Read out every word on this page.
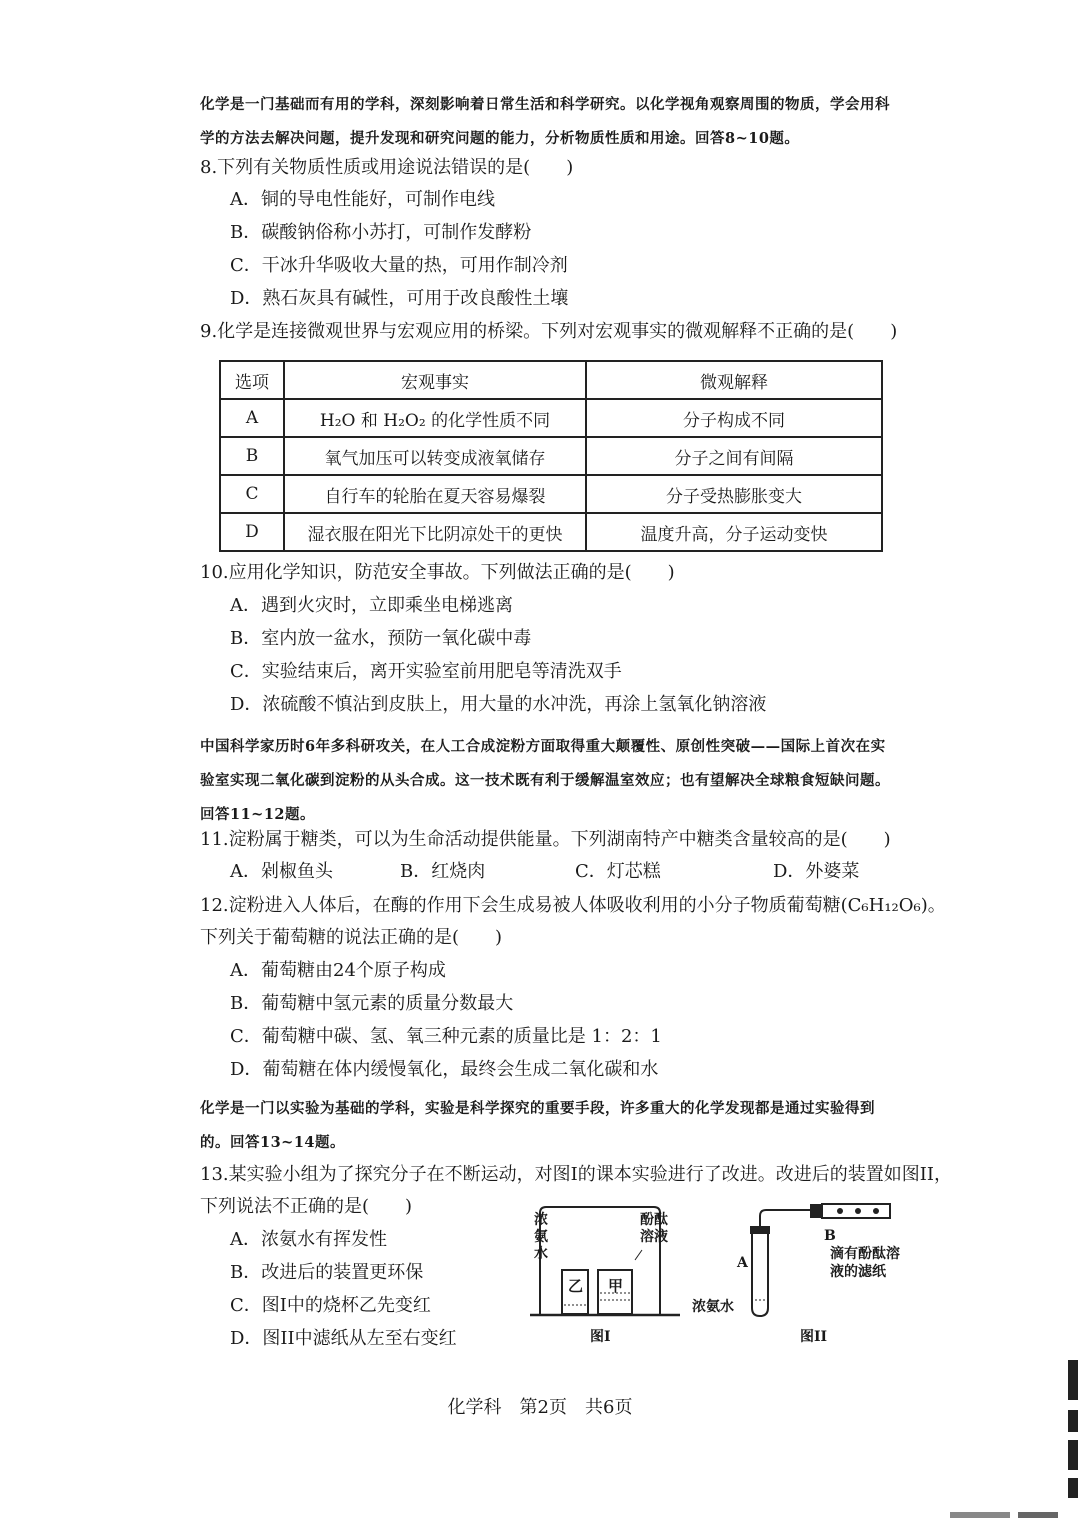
化学是一门基础而有用的学科，深刻影响着日常生活和科学研究。以化学视角观察周围的物质，学会用科学的方法去解决问题，提升发现和研究问题的能力，分析物质性质和用途。回答8~10题。
8.下列有关物质性质或用途说法错误的是(　　)
A．铜的导电性能好，可制作电线
B．碳酸钠俗称小苏打，可制作发酵粉
C．干冰升华吸收大量的热，可用作制冷剂
D．熟石灰具有碱性，可用于改良酸性土壤
9.化学是连接微观世界与宏观应用的桥梁。下列对宏观事实的微观解释不正确的是(　　)
选项	宏观事实	微观解释
A	H₂O 和 H₂O₂ 的化学性质不同	分子构成不同
B	氧气加压可以转变成液氧储存	分子之间有间隔
C	自行车的轮胎在夏天容易爆裂	分子受热膨胀变大
D	湿衣服在阳光下比阴凉处干的更快	温度升高，分子运动变快
10.应用化学知识，防范安全事故。下列做法正确的是(　　)
A．遇到火灾时，立即乘坐电梯逃离
B．室内放一盆水，预防一氧化碳中毒
C．实验结束后，离开实验室前用肥皂等清洗双手
D．浓硫酸不慎沾到皮肤上，用大量的水冲洗，再涂上氢氧化钠溶液
中国科学家历时6年多科研攻关，在人工合成淀粉方面取得重大颠覆性、原创性突破——国际上首次在实验室实现二氧化碳到淀粉的从头合成。这一技术既有利于缓解温室效应；也有望解决全球粮食短缺问题。回答11~12题。
11.淀粉属于糖类，可以为生命活动提供能量。下列湖南特产中糖类含量较高的是(　　)
A．剁椒鱼头	B．红烧肉	C．灯芯糕	D．外婆菜
12.淀粉进入人体后，在酶的作用下会生成易被人体吸收利用的小分子物质葡萄糖(C₆H₁₂O₆)。
下列关于葡萄糖的说法正确的是(　　)
A．葡萄糖由24个原子构成
B．葡萄糖中氢元素的质量分数最大
C．葡萄糖中碳、氢、氧三种元素的质量比是 1：2：1
D．葡萄糖在体内缓慢氧化，最终会生成二氧化碳和水
化学是一门以实验为基础的学科，实验是科学探究的重要手段，许多重大的化学发现都是通过实验得到的。回答13~14题。
13.某实验小组为了探究分子在不断运动，对图I的课本实验进行了改进。改进后的装置如图II，
下列说法不正确的是(　　)
A．浓氨水有挥发性
B．改进后的装置更环保
C．图I中的烧杯乙先变红
D．图II中滤纸从左至右变红
浓氨水
酚酞溶液
乙 甲
图I
A
B
滴有酚酞溶液的滤纸
浓氨水
图II
化学科　第2页　共6页
